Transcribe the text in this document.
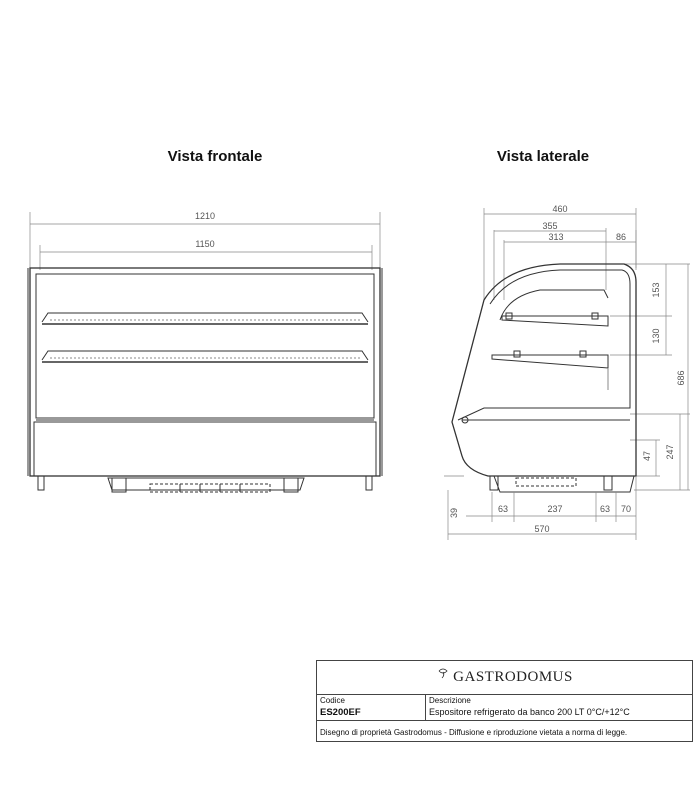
Vista frontale	Vista laterale
1210
1150
460
355
313	86
153
130
686
247
47
39	63	237	63 70
570
GASTRODOMUS
Codice
ES200EF
Descrizione
Espositore refrigerato da banco 200 LT 0°C/+12°C
Disegno di proprietà Gastrodomus - Diffusione e riproduzione vietata a norma di legge.
